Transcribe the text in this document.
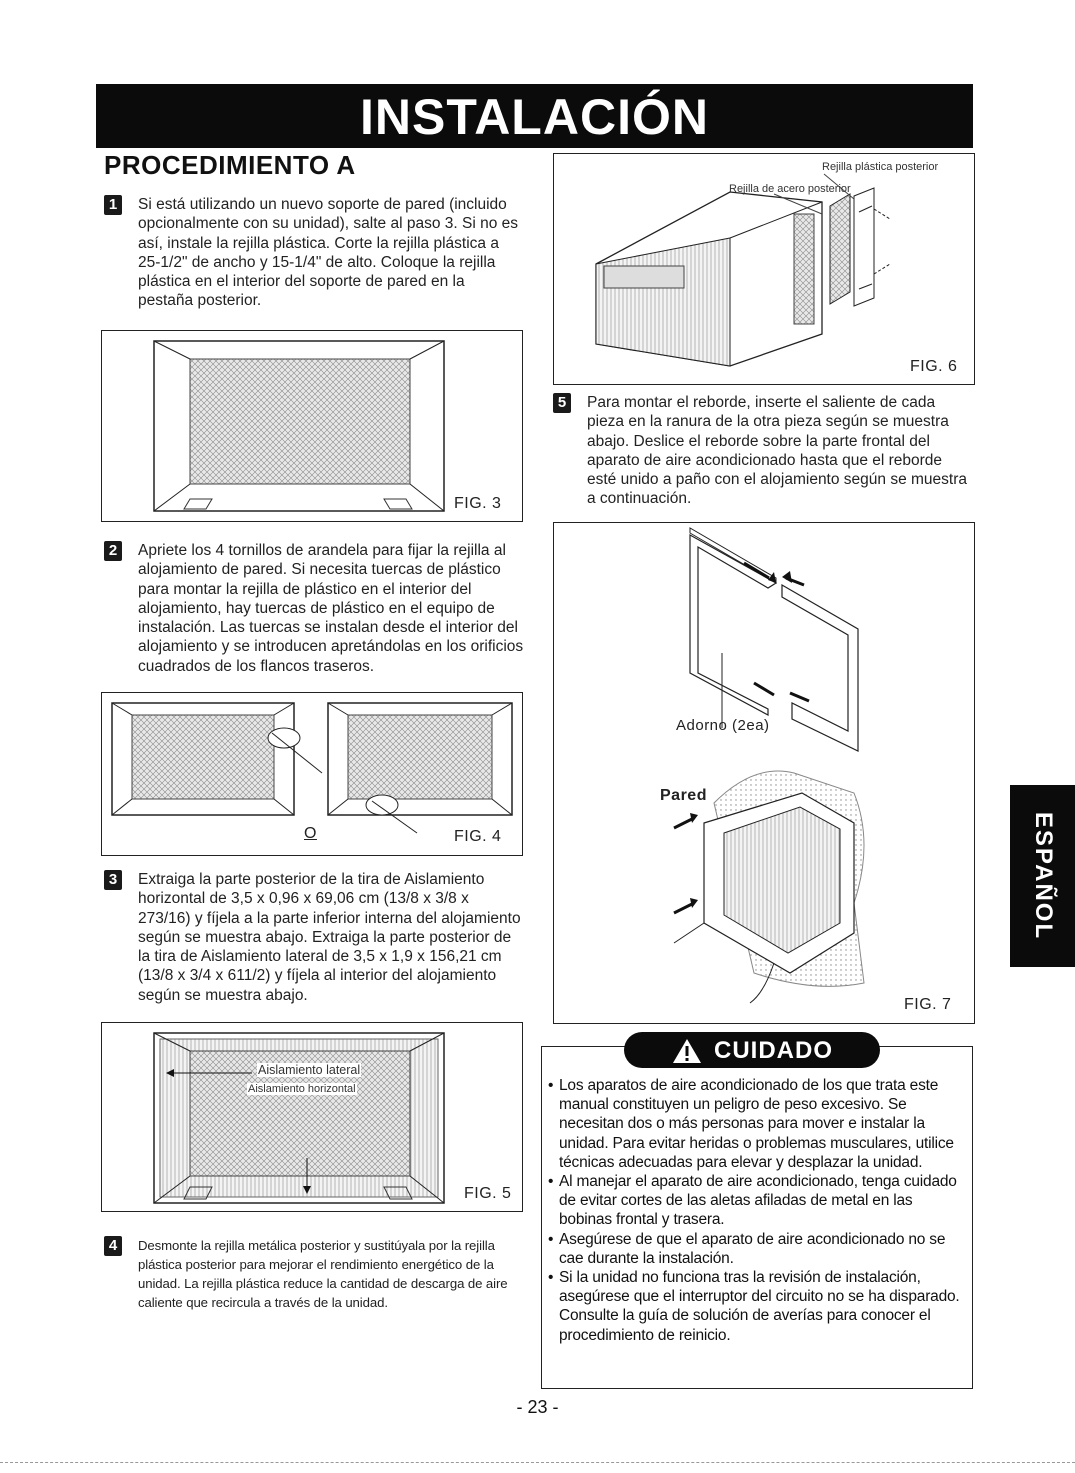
INSTALACIÓN
PROCEDIMIENTO A
1	Si está utilizando un nuevo soporte de pared (incluido opcionalmente con su unidad), salte al paso 3. Si no es así, instale la rejilla plástica. Corte la rejilla plástica a 25-1/2" de ancho y 15-1/4" de alto. Coloque la rejilla plástica en el interior del soporte de pared en la pestaña posterior.
FIG. 3
2	Apriete los 4 tornillos de arandela para fijar la rejilla al alojamiento de pared. Si necesita tuercas de plástico para montar la rejilla de plástico en el interior del alojamiento, hay tuercas de plástico en el equipo de instalación. Las tuercas se instalan desde el interior del alojamiento y se introducen apretándolas en los orificios cuadrados de los flancos traseros.
O	FIG. 4
3	Extraiga la parte posterior de la tira de Aislamiento horizontal de 3,5 x 0,96 x 69,06 cm (13/8 x 3/8 x 273/16) y fíjela a la parte inferior interna del alojamiento según se muestra abajo. Extraiga la parte posterior de la tira de Aislamiento lateral de 3,5 x 1,9 x 156,21 cm (13/8 x 3/4 x 611/2) y fíjela al interior del alojamiento según se muestra abajo.
Aislamiento lateral
Aislamiento horizontal
FIG. 5
4	Desmonte la rejilla metálica posterior y sustitúyala por la rejilla plástica posterior para mejorar el rendimiento energético de la unidad. La rejilla plástica reduce la cantidad de descarga de aire caliente que recircula a través de la unidad.
Rejilla plástica posterior
Rejilla de acero posterior
FIG. 6
5	Para montar el reborde, inserte el saliente de cada pieza en la ranura de la otra pieza según se muestra abajo. Deslice el reborde sobre la parte frontal del aparato de aire acondicionado hasta que el reborde esté unido a paño con el alojamiento según se muestra a continuación.
Adorno (2ea)
Pared
FIG. 7
ESPAÑOL
CUIDADO
• Los aparatos de aire acondicionado de los que trata este manual constituyen un peligro de peso excesivo. Se necesitan dos o más personas para mover e instalar la unidad. Para evitar heridas o problemas musculares, utilice técnicas adecuadas para elevar y desplazar la unidad.
• Al manejar el aparato de aire acondicionado, tenga cuidado de evitar cortes de las aletas afiladas de metal en las bobinas frontal y trasera.
• Asegúrese de que el aparato de aire acondicionado no se cae durante la instalación.
• Si la unidad no funciona tras la revisión de instalación, asegúrese que el interruptor del circuito no se ha disparado. Consulte la guía de solución de averías para conocer el procedimiento de reinicio.
- 23 -
